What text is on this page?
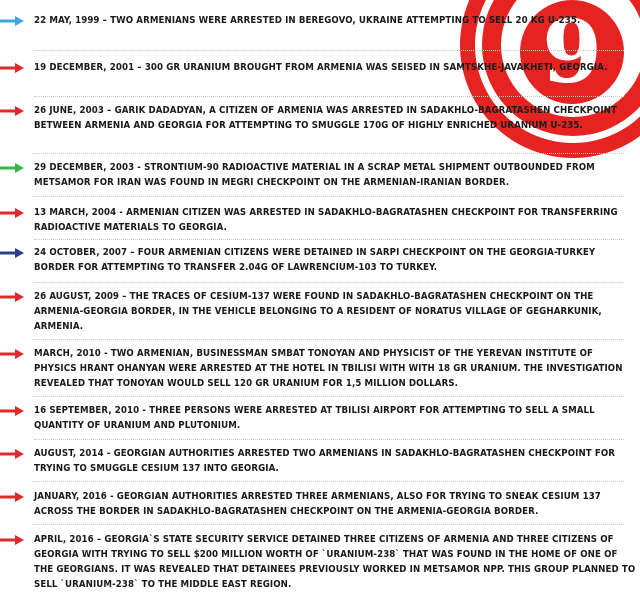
9

22 MAY, 1999 – TWO ARMENIANS WERE ARRESTED IN BEREGOVO, UKRAINE ATTEMPTING TO SELL 20 KG U-235.

19 DECEMBER, 2001 – 300 GR URANIUM BROUGHT FROM ARMENIA WAS SEISED IN SAMTSKHE-JAVAKHETI, GEORGIA.

26 JUNE, 2003 – GARIK DADADYAN, A CITIZEN OF ARMENIA WAS ARRESTED IN SADAKHLO-BAGRATASHEN CHECKPOINT BETWEEN ARMENIA AND GEORGIA FOR ATTEMPTING TO SMUGGLE 170G OF HIGHLY ENRICHED URANIUM U-235.

29 DECEMBER, 2003 - STRONTIUM-90 RADIOACTIVE MATERIAL IN A SCRAP METAL SHIPMENT OUTBOUNDED FROM METSAMOR FOR IRAN WAS FOUND IN MEGRI CHECKPOINT ON THE ARMENIAN-IRANIAN BORDER.

13 MARCH, 2004 - ARMENIAN CITIZEN WAS ARRESTED IN SADAKHLO-BAGRATASHEN CHECKPOINT FOR TRANSFERRING RADIOACTIVE MATERIALS TO GEORGIA.

24 OCTOBER, 2007 – FOUR ARMENIAN CITIZENS WERE DETAINED IN SARPI CHECKPOINT ON THE GEORGIA-TURKEY BORDER FOR ATTEMPTING TO TRANSFER 2.04G OF LAWRENCIUM-103 TO TURKEY.

26 AUGUST, 2009 – THE TRACES OF CESIUM-137 WERE FOUND IN SADAKHLO-BAGRATASHEN CHECKPOINT ON THE ARMENIA-GEORGIA BORDER, IN THE VEHICLE BELONGING TO A RESIDENT OF NORATUS VILLAGE OF GEGHARKUNIK, ARMENIA.

MARCH, 2010 - TWO ARMENIAN, BUSINESSMAN SMBAT TONOYAN AND PHYSICIST OF THE YEREVAN INSTITUTE OF PHYSICS HRANT OHANYAN WERE ARRESTED AT THE HOTEL IN TBILISI WITH WITH 18 GR URANIUM. THE INVESTIGATION REVEALED THAT TONOYAN WOULD SELL 120 GR URANIUM FOR 1,5 MILLION DOLLARS.

16 SEPTEMBER, 2010 - THREE PERSONS WERE ARRESTED AT TBILISI AIRPORT FOR ATTEMPTING TO SELL A SMALL QUANTITY OF URANIUM AND PLUTONIUM.

AUGUST, 2014 - GEORGIAN AUTHORITIES ARRESTED TWO ARMENIANS IN SADAKHLO-BAGRATASHEN CHECKPOINT FOR TRYING TO SMUGGLE CESIUM 137 INTO GEORGIA.

JANUARY, 2016 - GEORGIAN AUTHORITIES ARRESTED THREE ARMENIANS, ALSO FOR TRYING TO SNEAK CESIUM 137 ACROSS THE BORDER IN SADAKHLO-BAGRATASHEN CHECKPOINT ON THE ARMENIA-GEORGIA BORDER.

APRIL, 2016 – GEORGIA`S STATE SECURITY SERVICE DETAINED THREE CITIZENS OF ARMENIA AND THREE CITIZENS OF GEORGIA WITH TRYING TO SELL $200 MILLION WORTH OF `URANIUM-238` THAT WAS FOUND IN THE HOME OF ONE OF THE GEORGIANS. IT WAS REVEALED THAT DETAINEES PREVIOUSLY WORKED IN METSAMOR NPP. THIS GROUP PLANNED TO SELL `URANIUM-238` TO THE MIDDLE EAST REGION.
